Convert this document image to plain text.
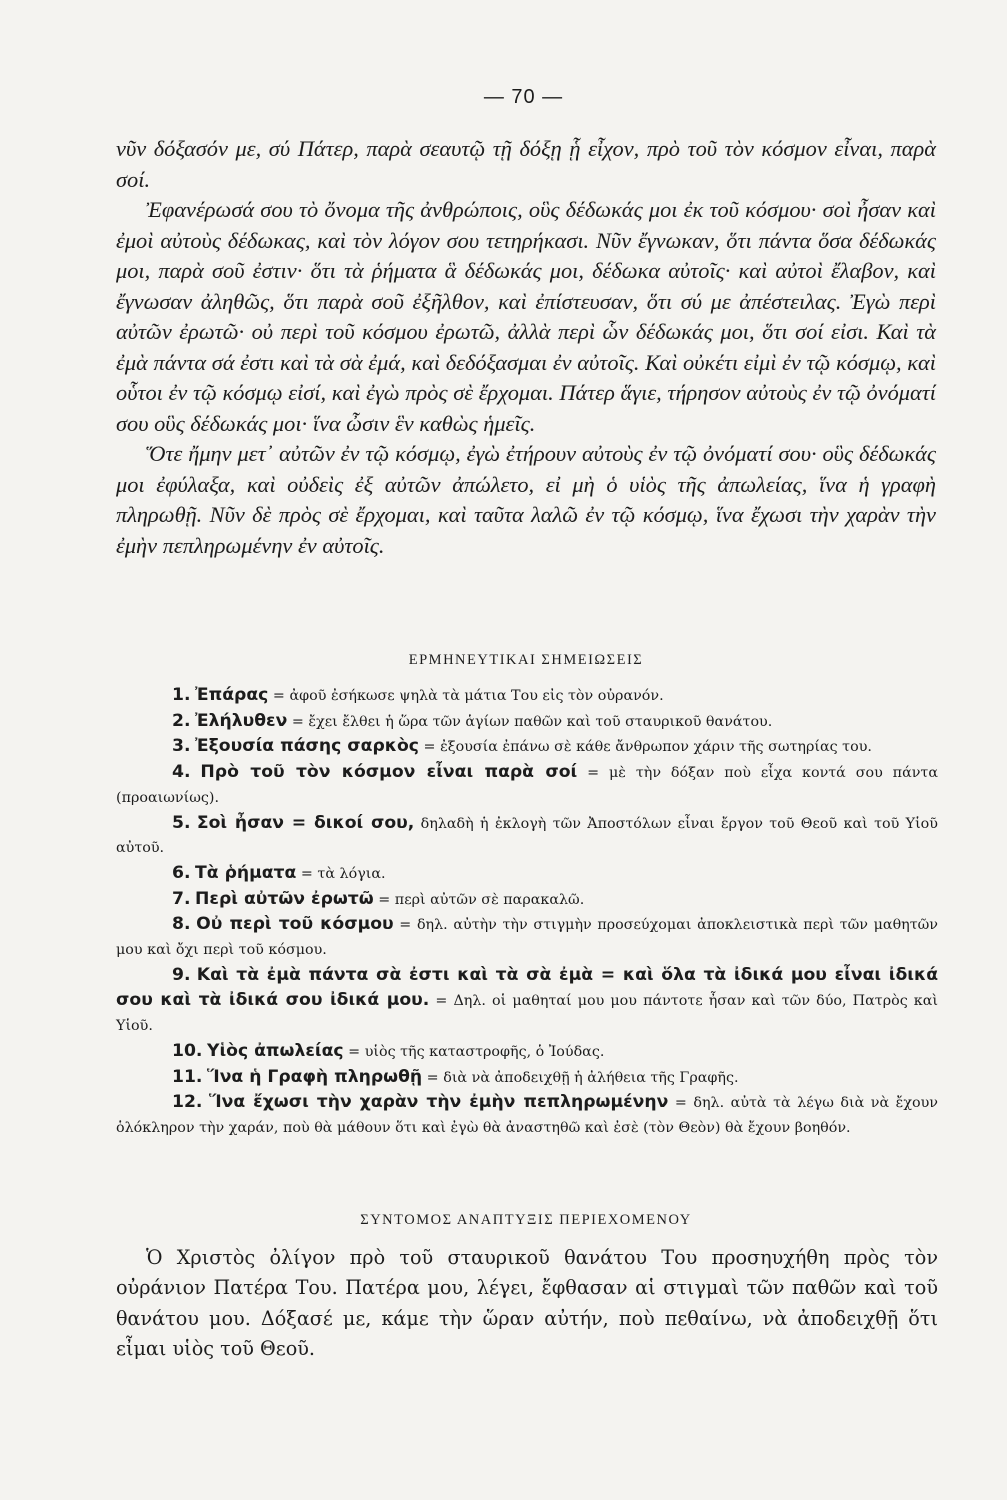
— 70 —

νῦν δόξασόν με, σύ Πάτερ, παρὰ σεαυτῷ τῇ δόξῃ ᾗ εἶχον, πρὸ τοῦ τὸν κόσμον εἶναι, παρὰ σοί.

Ἐφανέρωσά σου τὸ ὄνομα τῆς ἀνθρώποις, οὓς δέδωκάς μοι ἐκ τοῦ κόσμου· σοὶ ἦσαν καὶ ἐμοὶ αὐτοὺς δέδωκας, καὶ τὸν λόγον σου τετηρήκασι. Νῦν ἔγνωκαν, ὅτι πάντα ὅσα δέδωκάς μοι, παρὰ σοῦ ἐστιν· ὅτι τὰ ῥήματα ἃ δέδωκάς μοι, δέδωκα αὐτοῖς· καὶ αὐτοὶ ἔλαβον, καὶ ἔγνωσαν ἀληθῶς, ὅτι παρὰ σοῦ ἐξῆλθον, καὶ ἐπίστευσαν, ὅτι σύ με ἀπέστειλας. Ἐγὼ περὶ αὐτῶν ἐρωτῶ· οὐ περὶ τοῦ κόσμου ἐρωτῶ, ἀλλὰ περὶ ὧν δέδωκάς μοι, ὅτι σοί εἰσι. Καὶ τὰ ἐμὰ πάντα σά ἐστι καὶ τὰ σὰ ἐμά, καὶ δεδόξασμαι ἐν αὐτοῖς. Καὶ οὐκέτι εἰμὶ ἐν τῷ κόσμῳ, καὶ οὗτοι ἐν τῷ κόσμῳ εἰσί, καὶ ἐγὼ πρὸς σὲ ἔρχομαι. Πάτερ ἅγιε, τήρησον αὐτοὺς ἐν τῷ ὀνόματί σου οὓς δέδωκάς μοι· ἵνα ὦσιν ἓν καθὼς ἡμεῖς.

Ὅτε ἤμην μετ᾿ αὐτῶν ἐν τῷ κόσμῳ, ἐγὼ ἐτήρουν αὐτοὺς ἐν τῷ ὀνόματί σου· οὓς δέδωκάς μοι ἐφύλαξα, καὶ οὐδεὶς ἐξ αὐτῶν ἀπώλετο, εἰ μὴ ὁ υἱὸς τῆς ἀπωλείας, ἵνα ἡ γραφὴ πληρωθῇ. Νῦν δὲ πρὸς σὲ ἔρχομαι, καὶ ταῦτα λαλῶ ἐν τῷ κόσμῳ, ἵνα ἔχωσι τὴν χαρὰν τὴν ἐμὴν πεπληρωμένην ἐν αὐτοῖς.

ΕΡΜΗΝΕΥΤΙΚΑΙ ΣΗΜΕΙΩΣΕΙΣ

1. Ἐπάρας = ἀφοῦ ἐσήκωσε ψηλὰ τὰ μάτια Του εἰς τὸν οὐρανόν.

2. Ἐλήλυθεν = ἔχει ἔλθει ἡ ὥρα τῶν ἁγίων παθῶν καὶ τοῦ σταυρικοῦ θανάτου.

3. Ἐξουσία πάσης σαρκὸς = ἐξουσία ἐπάνω σὲ κάθε ἄνθρωπον χάριν τῆς σωτηρίας του.

4. Πρὸ τοῦ τὸν κόσμον εἶναι παρὰ σοί = μὲ τὴν δόξαν ποὺ εἶχα κοντά σου πάντα (προαιωνίως).

5. Σοὶ ἦσαν = δικοί σου, δηλαδὴ ἡ ἐκλογὴ τῶν Ἀποστόλων εἶναι ἔργον τοῦ Θεοῦ καὶ τοῦ Υἱοῦ αὐτοῦ.

6. Τὰ ῥήματα = τὰ λόγια.

7. Περὶ αὐτῶν ἐρωτῶ = περὶ αὐτῶν σὲ παρακαλῶ.

8. Οὐ περὶ τοῦ κόσμου = δηλ. αὐτὴν τὴν στιγμὴν προσεύχομαι ἀποκλειστικὰ περὶ τῶν μαθητῶν μου καὶ ὄχι περὶ τοῦ κόσμου.

9. Καὶ τὰ ἐμὰ πάντα σὰ ἐστι καὶ τὰ σὰ ἐμὰ = καὶ ὅλα τὰ ἰδικά μου εἶναι ἰδικά σου καὶ τὰ ἰδικά σου ἰδικά μου. = Δηλ. οἱ μαθηταί μου μου πάντοτε ἦσαν καὶ τῶν δύο, Πατρὸς καὶ Υἱοῦ.

10. Υἱὸς ἀπωλείας = υἱὸς τῆς καταστροφῆς, ὁ Ἰούδας.

11. Ἵνα ἡ Γραφὴ πληρωθῇ = διὰ νὰ ἀποδειχθῇ ἡ ἀλήθεια τῆς Γραφῆς.

12. Ἵνα ἔχωσι τὴν χαρὰν τὴν ἐμὴν πεπληρωμένην = δηλ. αὐτὰ τὰ λέγω διὰ νὰ ἔχουν ὁλόκληρον τὴν χαράν, ποὺ θὰ μάθουν ὅτι καὶ ἐγὼ θὰ ἀναστηθῶ καὶ ἐσὲ (τὸν Θεὸν) θὰ ἔχουν βοηθόν.

ΣΥΝΤΟΜΟΣ ΑΝΑΠΤΥΞΙΣ ΠΕΡΙΕΧΟΜΕΝΟΥ

Ὁ Χριστὸς ὀλίγον πρὸ τοῦ σταυρικοῦ θανάτου Του προσηυχήθη πρὸς τὸν οὐράνιον Πατέρα Του. Πατέρα μου, λέγει, ἔφθασαν αἱ στιγμαὶ τῶν παθῶν καὶ τοῦ θανάτου μου. Δόξασέ με, κάμε τὴν ὥραν αὐτήν, ποὺ πεθαίνω, νὰ ἀποδειχθῇ ὅτι εἶμαι υἱὸς τοῦ Θεοῦ.
